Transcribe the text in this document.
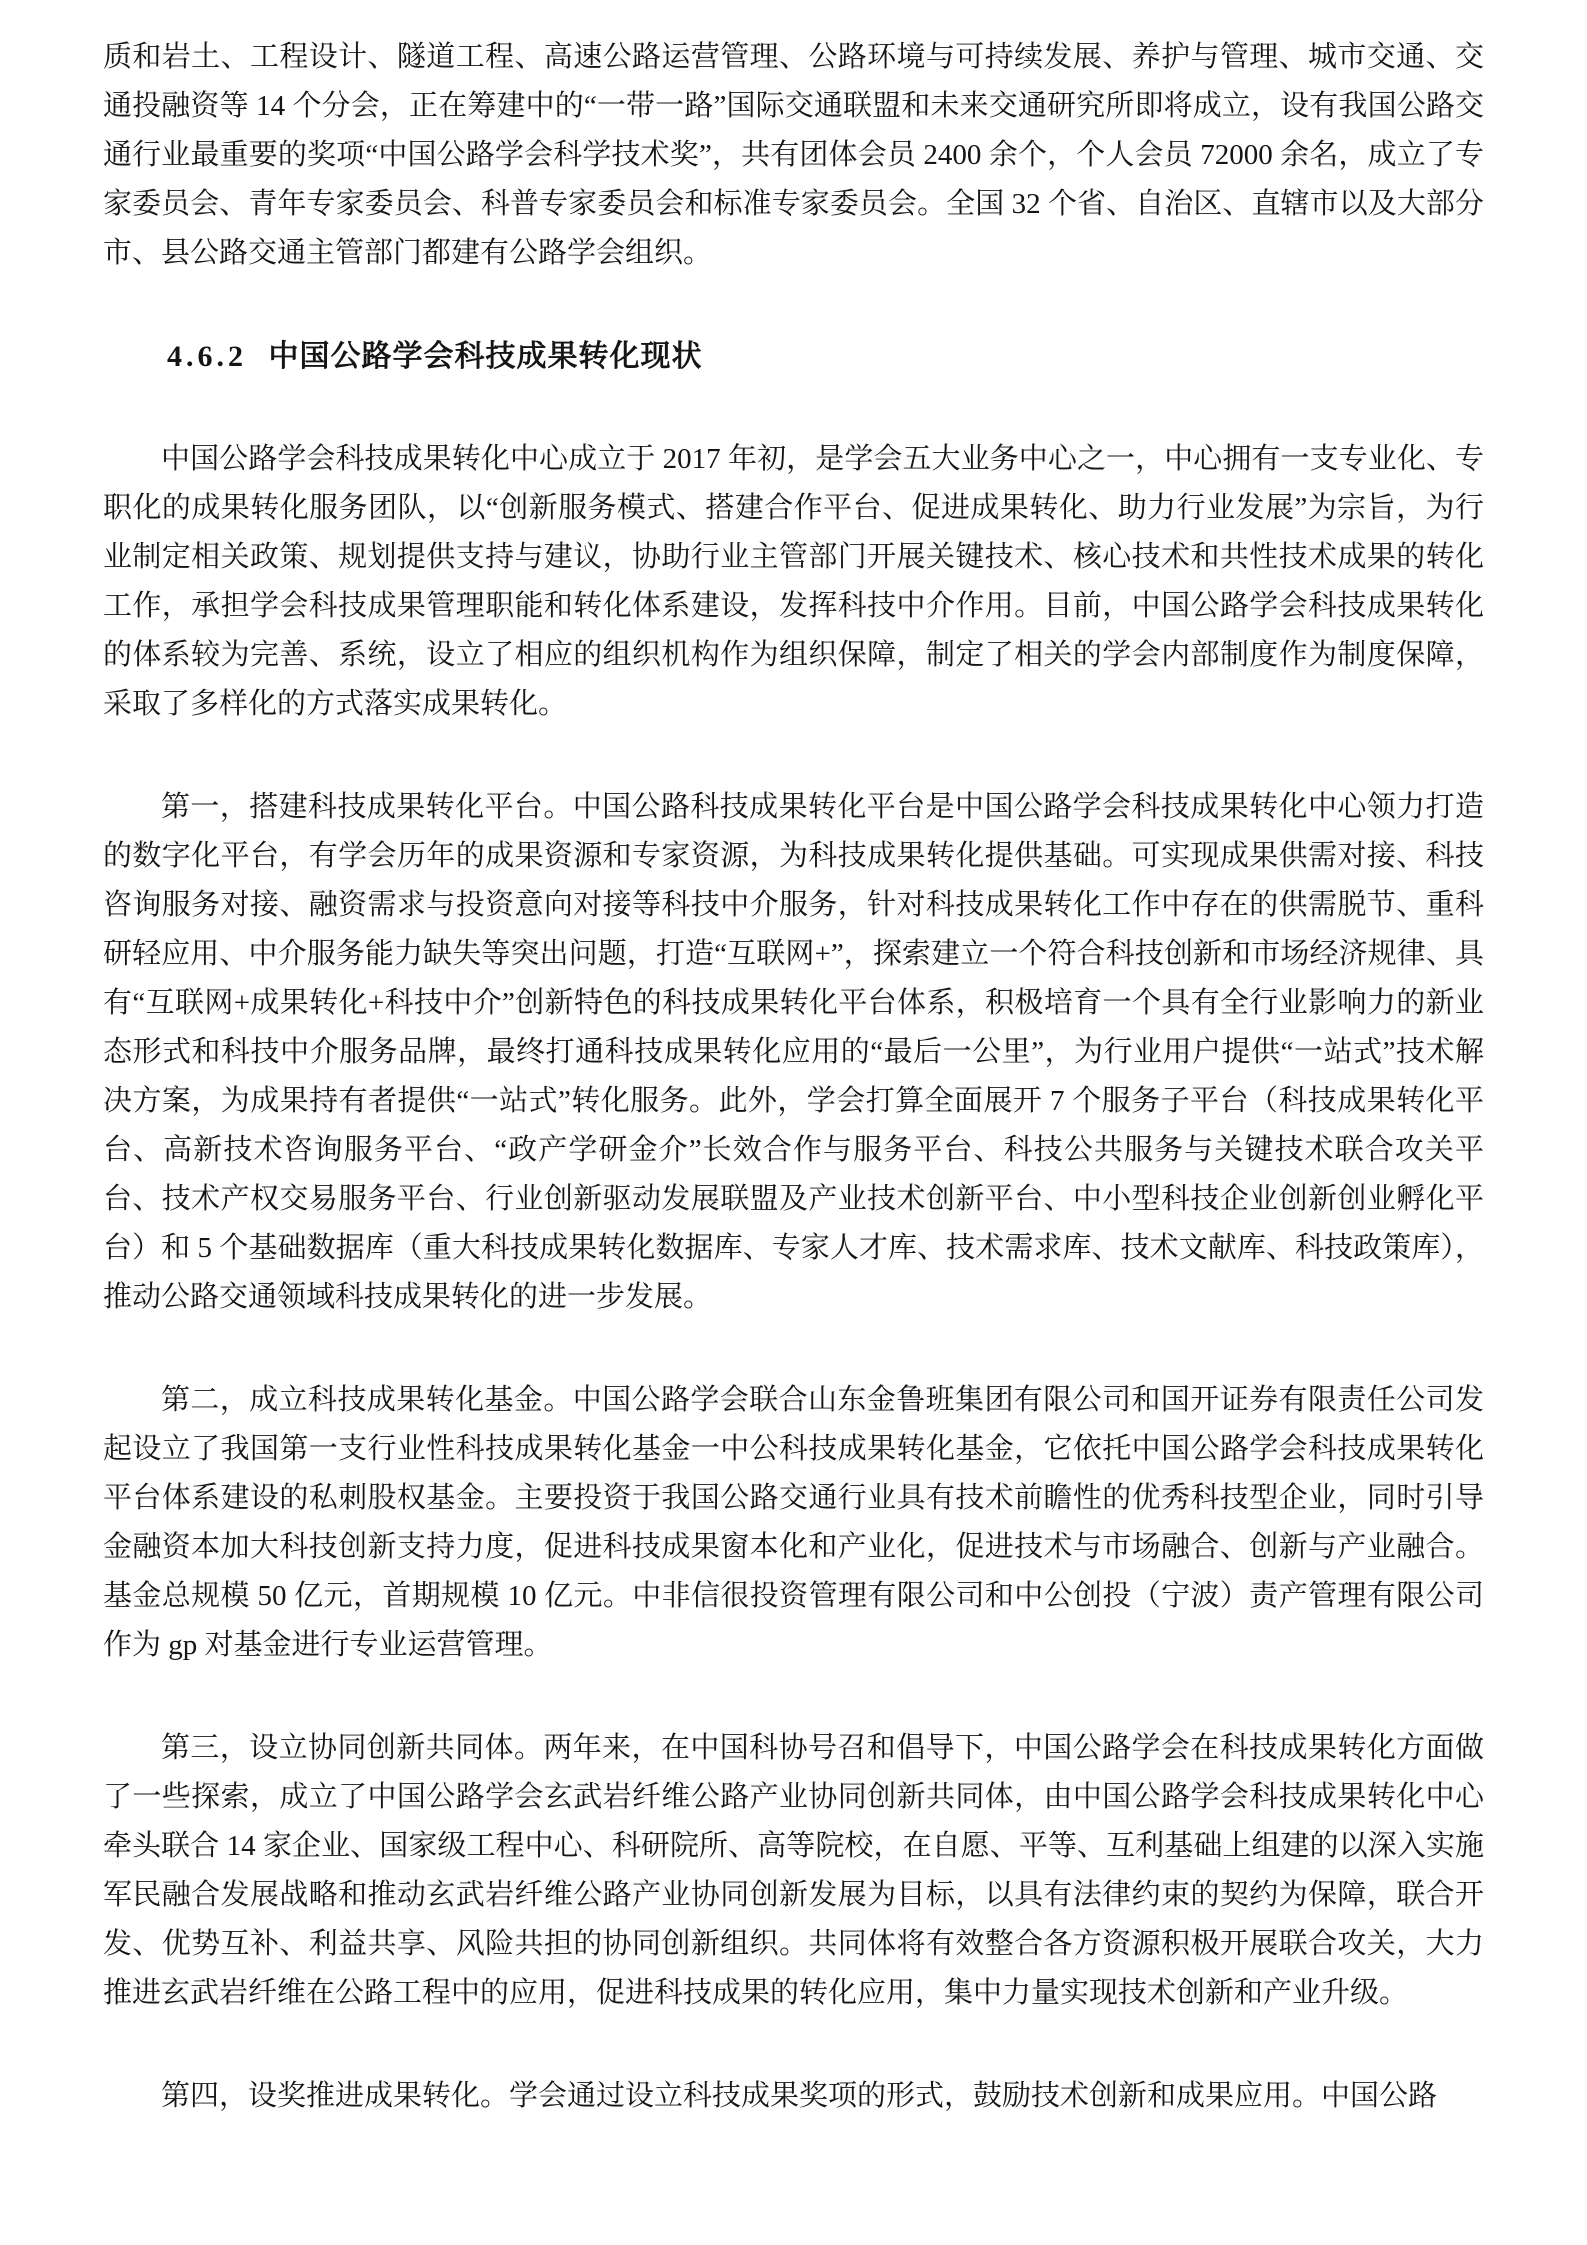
质和岩土、工程设计、隧道工程、高速公路运营管理、公路环境与可持续发展、养护与管理、城市交通、交通投融资等 14 个分会，正在筹建中的“一带一路”国际交通联盟和未来交通研究所即将成立，设有我国公路交通行业最重要的奖项“中国公路学会科学技术奖”，共有团体会员 2400 余个，个人会员 72000 余名，成立了专家委员会、青年专家委员会、科普专家委员会和标准专家委员会。全国 32 个省、自治区、直辖市以及大部分市、县公路交通主管部门都建有公路学会组织。

4.6.2 中国公路学会科技成果转化现状

中国公路学会科技成果转化中心成立于 2017 年初，是学会五大业务中心之一，中心拥有一支专业化、专职化的成果转化服务团队，以“创新服务模式、搭建合作平台、促进成果转化、助力行业发展”为宗旨，为行业制定相关政策、规划提供支持与建议，协助行业主管部门开展关键技术、核心技术和共性技术成果的转化工作，承担学会科技成果管理职能和转化体系建设，发挥科技中介作用。目前，中国公路学会科技成果转化的体系较为完善、系统，设立了相应的组织机构作为组织保障，制定了相关的学会内部制度作为制度保障，采取了多样化的方式落实成果转化。

第一，搭建科技成果转化平台。中国公路科技成果转化平台是中国公路学会科技成果转化中心领力打造的数字化平台，有学会历年的成果资源和专家资源，为科技成果转化提供基础。可实现成果供需对接、科技咨询服务对接、融资需求与投资意向对接等科技中介服务，针对科技成果转化工作中存在的供需脱节、重科研轻应用、中介服务能力缺失等突出问题，打造“互联网+”，探索建立一个符合科技创新和市场经济规律、具有“互联网+成果转化+科技中介”创新特色的科技成果转化平台体系，积极培育一个具有全行业影响力的新业态形式和科技中介服务品牌，最终打通科技成果转化应用的“最后一公里”，为行业用户提供“一站式”技术解决方案，为成果持有者提供“一站式”转化服务。此外，学会打算全面展开 7 个服务子平台（科技成果转化平台、高新技术咨询服务平台、“政产学研金介”长效合作与服务平台、科技公共服务与关键技术联合攻关平台、技术产权交易服务平台、行业创新驱动发展联盟及产业技术创新平台、中小型科技企业创新创业孵化平台）和 5 个基础数据库（重大科技成果转化数据库、专家人才库、技术需求库、技术文献库、科技政策库），推动公路交通领域科技成果转化的进一步发展。

第二，成立科技成果转化基金。中国公路学会联合山东金鲁班集团有限公司和国开证券有限责任公司发起设立了我国第一支行业性科技成果转化基金一中公科技成果转化基金，它依托中国公路学会科技成果转化平台体系建设的私刺股权基金。主要投资于我国公路交通行业具有技术前瞻性的优秀科技型企业，同时引导金融资本加大科技创新支持力度，促进科技成果窗本化和产业化，促进技术与市场融合、创新与产业融合。基金总规模 50 亿元，首期规模 10 亿元。中非信很投资管理有限公司和中公创投（宁波）责产管理有限公司作为 gp 对基金进行专业运营管理。

第三，设立协同创新共同体。两年来，在中国科协号召和倡导下，中国公路学会在科技成果转化方面做了一些探索，成立了中国公路学会玄武岩纤维公路产业协同创新共同体，由中国公路学会科技成果转化中心牵头联合 14 家企业、国家级工程中心、科研院所、高等院校，在自愿、平等、互利基础上组建的以深入实施军民融合发展战略和推动玄武岩纤维公路产业协同创新发展为目标，以具有法律约束的契约为保障，联合开发、优势互补、利益共享、风险共担的协同创新组织。共同体将有效整合各方资源积极开展联合攻关，大力推进玄武岩纤维在公路工程中的应用，促进科技成果的转化应用，集中力量实现技术创新和产业升级。

第四，设奖推进成果转化。学会通过设立科技成果奖项的形式，鼓励技术创新和成果应用。中国公路
